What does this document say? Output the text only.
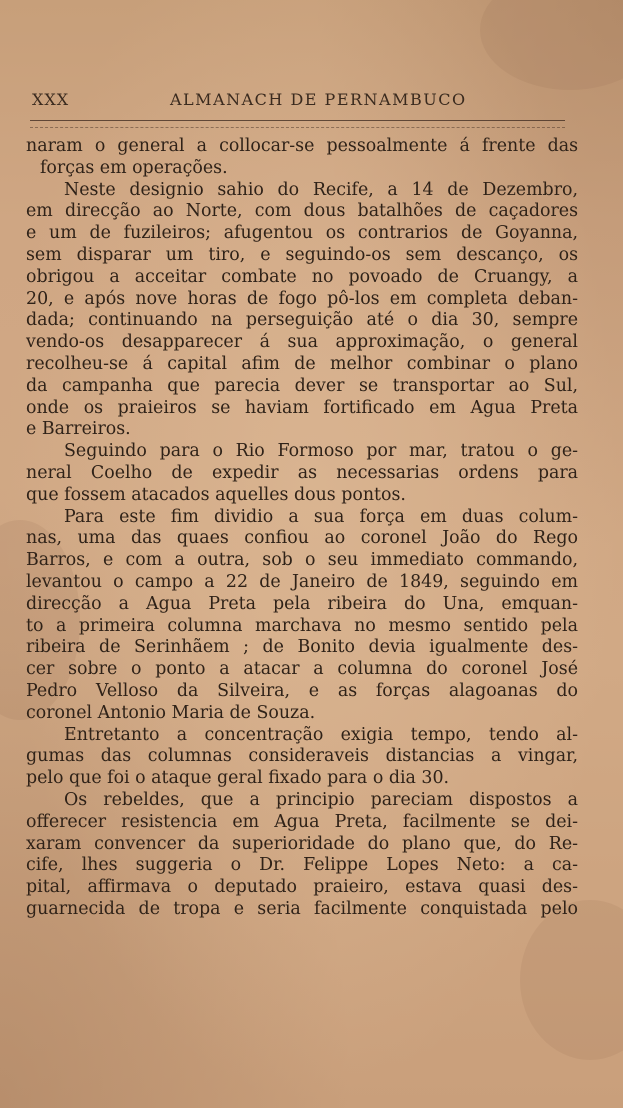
XXX	ALMANACH DE PERNAMBUCO
naram o general a collocar-se pessoalmente á frente das
forças em operações.
Neste designio sahio do Recife, a 14 de Dezembro,
em direcção ao Norte, com dous batalhões de caçadores
e um de fuzileiros; afugentou os contrarios de Goyanna,
sem disparar um tiro, e seguindo-os sem descanço, os
obrigou a acceitar combate no povoado de Cruangy, a
20, e após nove horas de fogo pô-los em completa deban-
dada; continuando na perseguição até o dia 30, sempre
vendo-os desapparecer á sua approximação, o general
recolheu-se á capital afim de melhor combinar o plano
da campanha que parecia dever se transportar ao Sul,
onde os praieiros se haviam fortificado em Agua Preta
e Barreiros.
Seguindo para o Rio Formoso por mar, tratou o ge-
neral Coelho de expedir as necessarias ordens para
que fossem atacados aquelles dous pontos.
Para este fim dividio a sua força em duas colum-
nas, uma das quaes confiou ao coronel João do Rego
Barros, e com a outra, sob o seu immediato commando,
levantou o campo a 22 de Janeiro de 1849, seguindo em
direcção a Agua Preta pela ribeira do Una, emquan-
to a primeira columna marchava no mesmo sentido pela
ribeira de Serinhãem ; de Bonito devia igualmente des-
cer sobre o ponto a atacar a columna do coronel José
Pedro Velloso da Silveira, e as forças alagoanas do
coronel Antonio Maria de Souza.
Entretanto a concentração exigia tempo, tendo al-
gumas das columnas consideraveis distancias a vingar,
pelo que foi o ataque geral fixado para o dia 30.
Os rebeldes, que a principio pareciam dispostos a
offerecer resistencia em Agua Preta, facilmente se dei-
xaram convencer da superioridade do plano que, do Re-
cife, lhes suggeria o Dr. Felippe Lopes Neto: a ca-
pital, affirmava o deputado praieiro, estava quasi des-
guarnecida de tropa e seria facilmente conquistada pelo
